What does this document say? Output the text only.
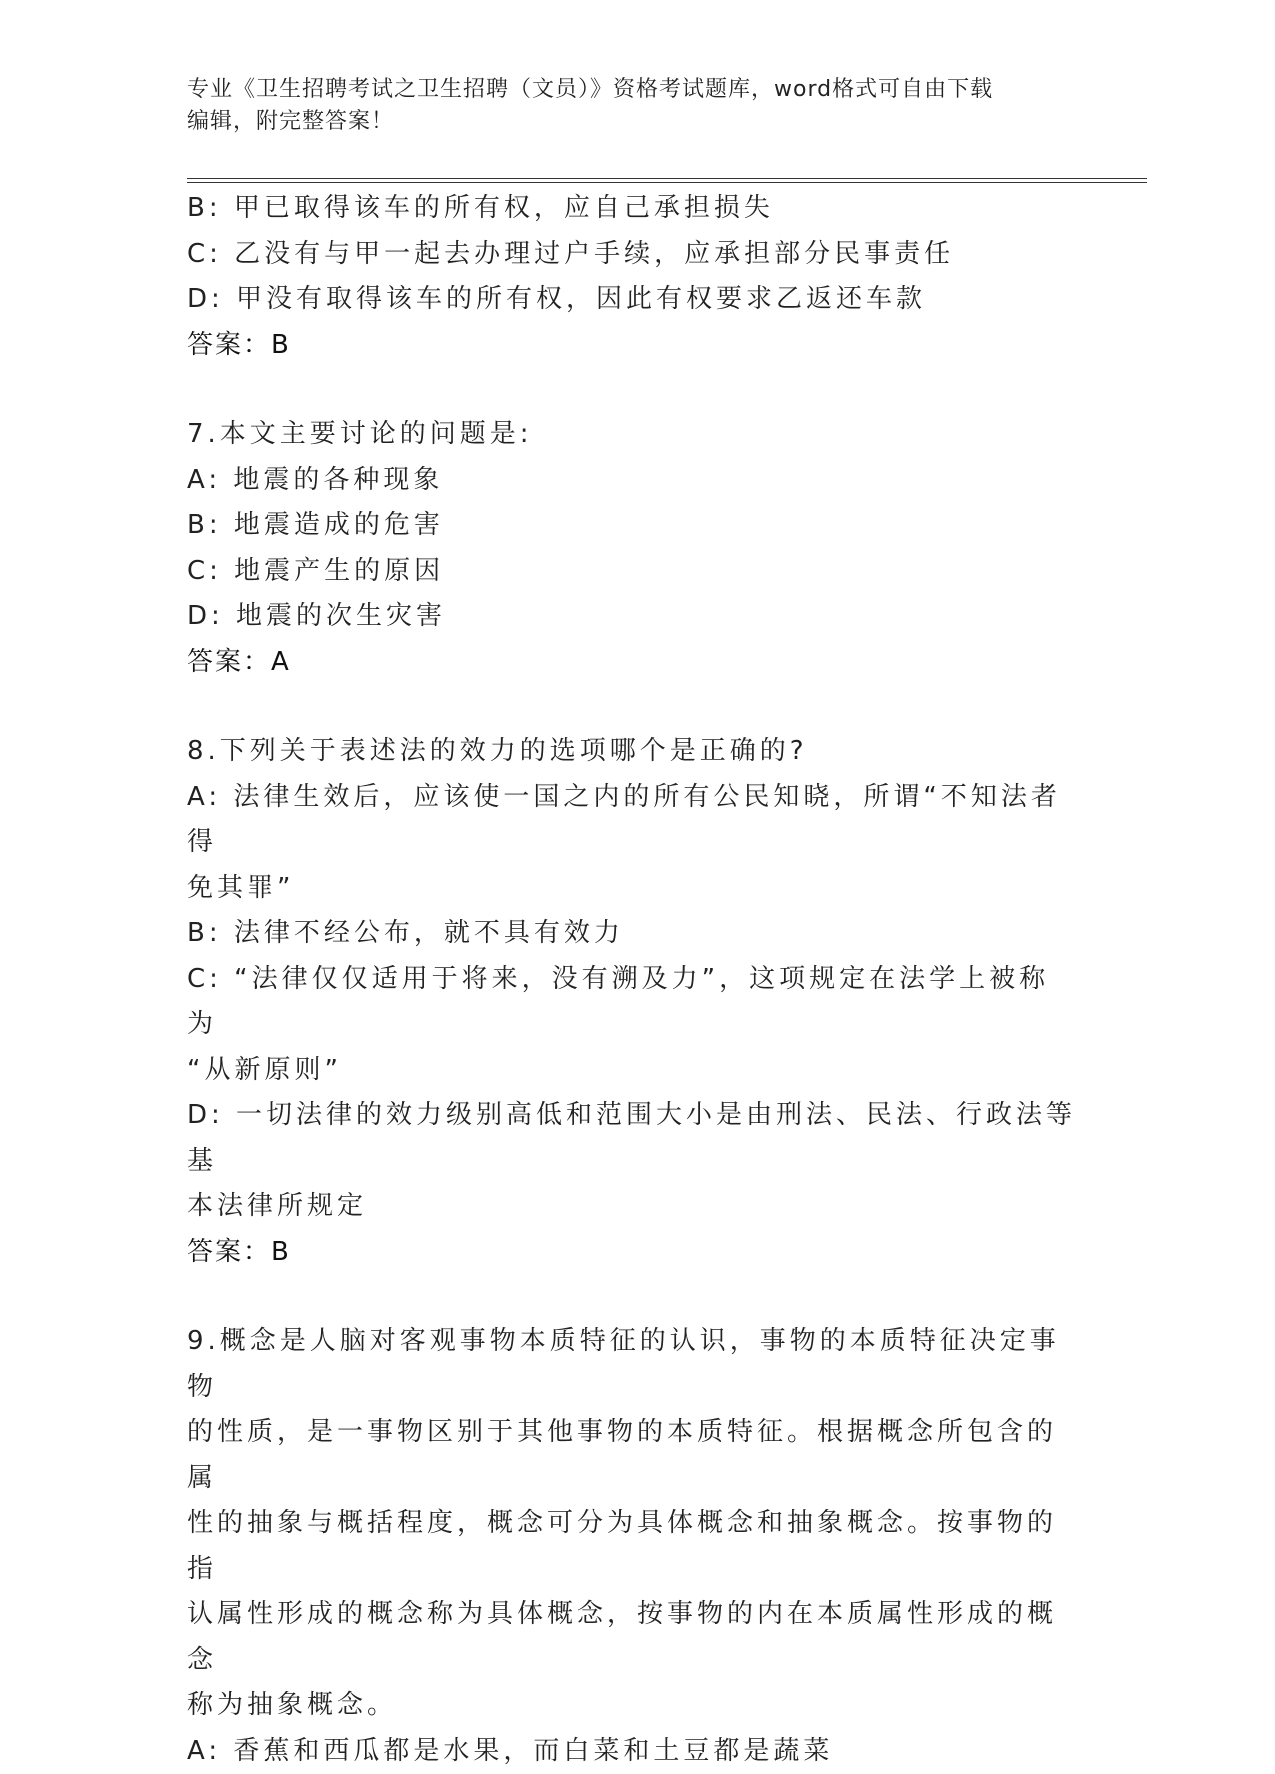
专业《卫生招聘考试之卫生招聘（文员）》资格考试题库，word格式可自由下载
编辑，附完整答案！
B: 甲已取得该车的所有权，应自己承担损失
C: 乙没有与甲一起去办理过户手续，应承担部分民事责任
D: 甲没有取得该车的所有权，因此有权要求乙返还车款
答案：B
7.本文主要讨论的问题是:
A: 地震的各种现象
B: 地震造成的危害
C: 地震产生的原因
D: 地震的次生灾害
答案：A
8.下列关于表述法的效力的选项哪个是正确的?
A: 法律生效后，应该使一国之内的所有公民知晓，所谓“不知法者得
免其罪”
B: 法律不经公布，就不具有效力
C: “法律仅仅适用于将来，没有溯及力”，这项规定在法学上被称为
“从新原则”
D: 一切法律的效力级别高低和范围大小是由刑法、民法、行政法等基
本法律所规定
答案：B
9.概念是人脑对客观事物本质特征的认识，事物的本质特征决定事物
的性质，是一事物区别于其他事物的本质特征。根据概念所包含的属
性的抽象与概括程度，概念可分为具体概念和抽象概念。按事物的指
认属性形成的概念称为具体概念，按事物的内在本质属性形成的概念
称为抽象概念。
A: 香蕉和西瓜都是水果，而白菜和土豆都是蔬菜
